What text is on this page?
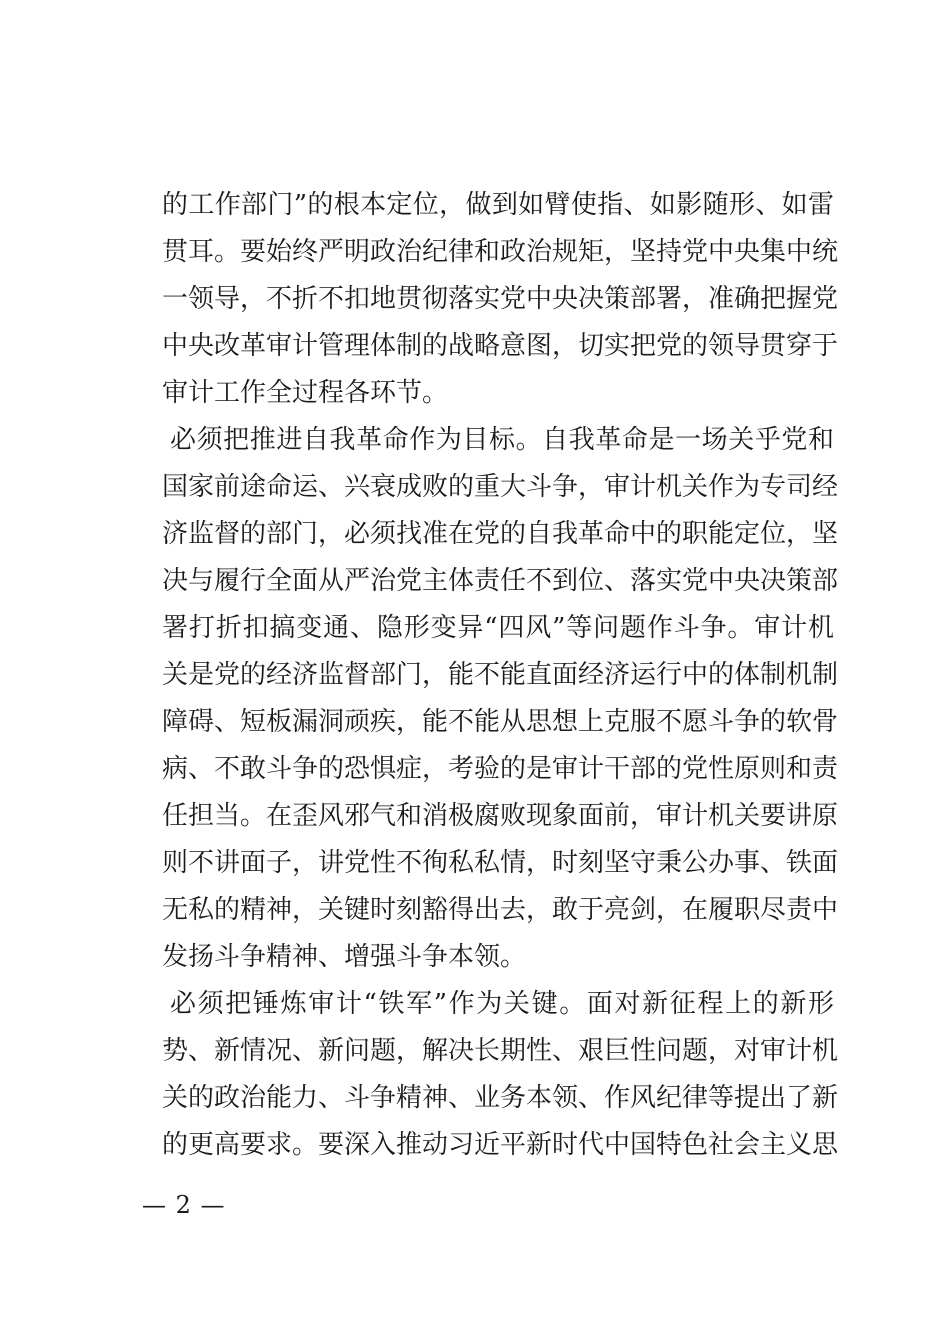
的工作部门”的根本定位，做到如臂使指、如影随形、如雷
贯耳。要始终严明政治纪律和政治规矩，坚持党中央集中统
一领导，不折不扣地贯彻落实党中央决策部署，准确把握党
中央改革审计管理体制的战略意图，切实把党的领导贯穿于
审计工作全过程各环节。
必须把推进自我革命作为目标。自我革命是一场关乎党和
国家前途命运、兴衰成败的重大斗争，审计机关作为专司经
济监督的部门，必须找准在党的自我革命中的职能定位，坚
决与履行全面从严治党主体责任不到位、落实党中央决策部
署打折扣搞变通、隐形变异“四风”等问题作斗争。审计机
关是党的经济监督部门，能不能直面经济运行中的体制机制
障碍、短板漏洞顽疾，能不能从思想上克服不愿斗争的软骨
病、不敢斗争的恐惧症，考验的是审计干部的党性原则和责
任担当。在歪风邪气和消极腐败现象面前，审计机关要讲原
则不讲面子，讲党性不徇私私情，时刻坚守秉公办事、铁面
无私的精神，关键时刻豁得出去，敢于亮剑，在履职尽责中
发扬斗争精神、增强斗争本领。
必须把锤炼审计“铁军”作为关键。面对新征程上的新形
势、新情况、新问题，解决长期性、艰巨性问题，对审计机
关的政治能力、斗争精神、业务本领、作风纪律等提出了新
的更高要求。要深入推动习近平新时代中国特色社会主义思
— 2 —
